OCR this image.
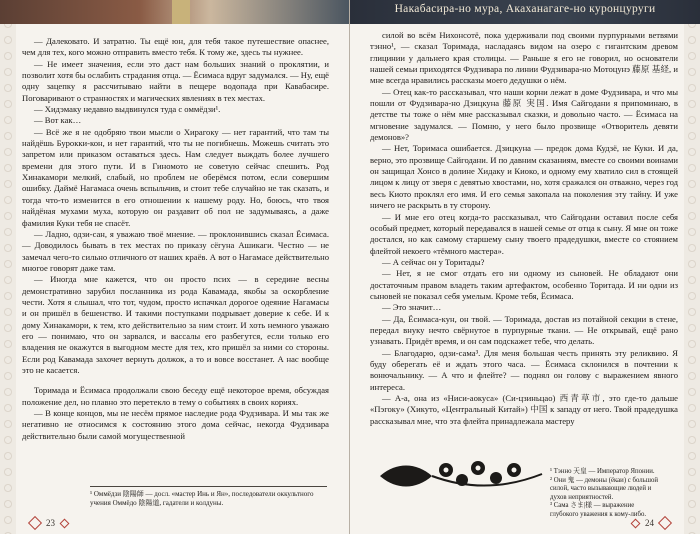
— Далековато. И затратно. Ты ещё юн, для тебя такое путешествие опаснее, чем для тех, кого можно отправить вместо тебя. К тому же, здесь ты нужнее.

— Не имеет значения, если это даст нам больших знаний о проклятии, и позволит хотя бы ослабить страдания отца. — Ёсимаса вдруг задумался. — Ну, ещё одну зацепку я рассчитываю найти в пещере водопада при Кавабасире. Поговаривают о странностях и магических явлениях в тех местах.

— Хидэмаку недавно выдвинулся туда с оммёдзи¹.

— Вот как…

— Всё же я не одобряю твои мысли о Хирагоку — нет гарантий, что там ты найдёшь Бурокки-кон, и нет гарантий, что ты не погибнешь. Можешь считать это запретом или приказом оставаться здесь. Нам следует выждать более лучшего времени для этого пути. И в Гиномото не советую сейчас спешить. Род Хинакамори мелкий, слабый, но проблем не оберёмся потом, если совершим ошибку. Даймё Нагамаса очень вспыльчив, и стоит тебе случайно не так сказать, и тогда что-то изменится в его отношении к нашему роду. Но, боюсь, что твоя найдёная мухами муха, которую он раздавит об пол не задумываясь, а даже фамилия Куки тебя не спасёт.

— Ладно, одзи-сан, я уважаю твоё мнение. — проклонившись сказал Ёсимаса. — Доводилось бывать в тех местах по приказу сёгуна Ашикаги. Честно — не замечал чего-то сильно отличного от наших краёв. А вот о Нагамасе действительно многое говорят даже там.

— Иногда мне кажется, что он просто псих — в середине весны демонстративно зарубил посланника из рода Кавамада, якобы за оскорбление чести. Хотя я слышал, что тот, чудом, просто испачкал дорогое одеяние Нагамасы и он пришёл в бешенство. И такими поступками подрывает доверие к себе. И к дому Хинакамори, к тем, кто действительно за ним стоит. И хоть немного уважаю его — понимаю, что он зарвался, и вассалы его разбегутся, если только его владения не окажутся в выгодном месте для тех, кто пришёл за ними со стороны. Если род Кавамада захочет вернуть должок, а то и вовсе восстанет. А нас вообще это не касается.

Торимада и Ёсимаса продолжали свою беседу ещё некоторое время, обсуждая положение дел, но плавно это перетекло в тему о событиях в своих кориях.

— В конце концов, мы не несём прямое наследие рода Фудзивара. И мы так же негативно не относимся к состоянию этого дома сейчас, некогда Фудзивара действительно были самой могущественной

¹ Оммёдзи 陰陽師 — досл. «мастер Инь и Ян», последователи оккультного учения Оммёдо 陰陽道, гадатели и колдуны.
23
Накабасира-но мура, Акаханагаге-но куронцуруги

силой во всём Нихонсотё, пока удерживали под своими пурпурными ветвями тэнно¹, — сказал Торимада, насладаясь видом на озеро с гигантским древом глицинии у дальнего края столицы. — Раньше я его не говорил, но основатели нашей семьи приходятся Фудзивара по линии Фудзивара-но Мотоцунэ 藤原 基経, и мне всегда нравились рассказы моего дедушки о нём.

— Отец как-то рассказывал, что наши корни лежат в доме Фудзивара, и что мы пошли от Фудзивара-но Дзицкуна 藤原 実国. Имя Сайгодани я припоминаю, в детстве ты тоже о нём мне рассказывал сказки, и довольно часто. — Ёсимаса на мгновение задумался. — Помню, у него было прозвище «Отворитель девяти демонов»?

— Нет, Торимаса ошибается. Дзицкуна — предок дома Кудзё, не Куки. И да, верно, это прозвище Сайгодани. И по давним сказаниям, вместе со своими воинами он защищал Хонсо в долине Хидаку и Киоко, и одному ему хватило сил в стоящей лицом к лицу от зверя с девятью хвостами, но, хотя сражался он отважно, через год весь Киото проклял его имя. И его семья закопала на поколения эту тайну. И уже ничего не раскрыть в ту сторону.

— И мне его отец когда-то рассказывал, что Сайгодани оставил после себя особый предмет, который передавался в нашей семье от отца к сыну. Я мне он тоже достался, но как самому старшему сыну твоего прадедушки, вместе со стоянием флейтой некоего «тёмного мастера».

— А сейчас он у Торитады?

— Нет, я не смог отдать его ни одному из сыновей. Не обладают они достаточным правом владеть таким артефактом, особенно Торитада. И ни одни из сыновей не показал себя умелым. Кроме тебя, Ёсимаса.

— Это значит…

— Да, Ёсимаса-кун, он твой. — Торимада, достав из потайной секции в стене, передал внуку нечто свёрнутое в пурпурные ткани. — Не открывай, ещё рано узнавать. Придёт время, и он сам подскажет тебе, что делать.

— Благодарю, одзи-сама³. Для меня большая честь принять эту реликвию. Я буду оберегать её и ждать этого часа. — Ёсимаса склонился в почтении к вонючальнику. — А что и флейте? — поднял он голову с выражением явного интереса.

— А-а, она из «Ниси-аокуса» (Си-цзиньцао) 西青草市, это где-то дальше «Пэгоку» (Хикуто, «Центральный Китай») 中国 к западу от него. Твой прадедушка рассказывал мне, что эта флейта принадлежала мастеру

¹ Тэнно 天皇 — Император Японии.
² Они 鬼 — демоны (ёкаи) с большой силой, часто вызывающие людей и духов неприятностей.
³ Сама さま|様 — выражение глубокого уважения к кому-либо.
24
